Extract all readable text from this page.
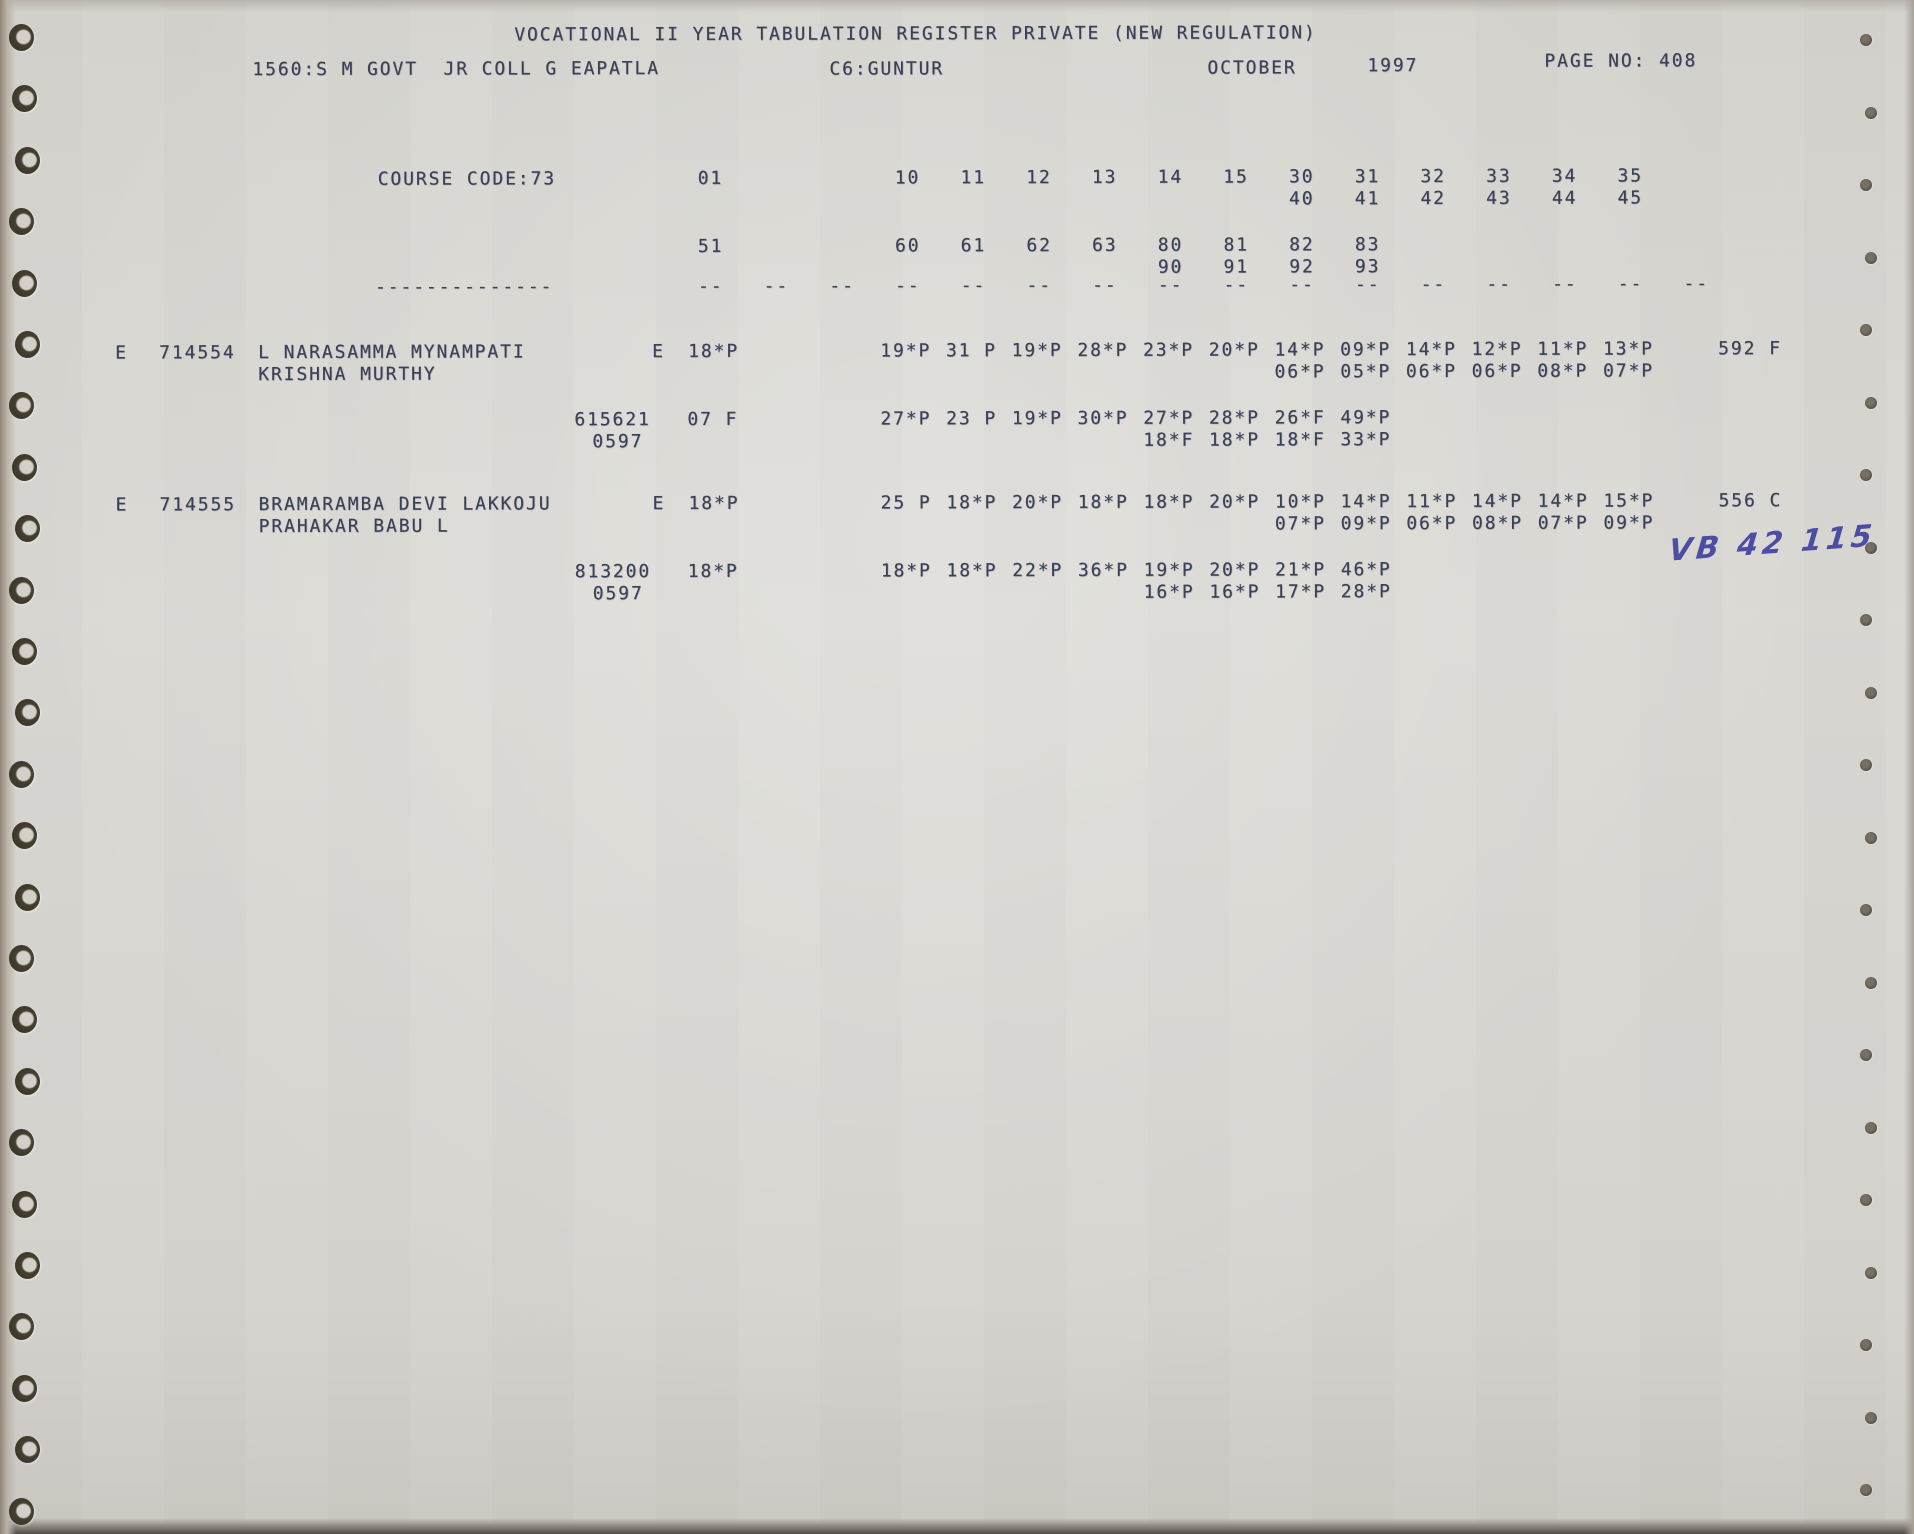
VOCATIONAL II YEAR TABULATION REGISTER PRIVATE (NEW REGULATION)
1560:S M GOVT  JR COLL G EAPATLA	C6:GUNTUR	OCTOBER	1997	PAGE NO: 408
COURSE CODE:73	01	10 11 12 13 14 15 30 31 32 33 34 35
40 41 42 43 44 45
51	60 61 62 63 80 81 82 83
90 91 92 93
--------------	-- -- -- -- -- -- -- -- -- -- -- -- -- -- -- --
E 714554 L NARASAMMA MYNAMPATI	E 18*P	19*P 31 P 19*P 28*P 23*P 20*P 14*P 09*P 14*P 12*P 11*P 13*P	592 F
KRISHNA MURTHY	06*P 05*P 06*P 06*P 08*P 07*P
615621 07 F	27*P 23 P 19*P 30*P 27*P 28*P 26*F 49*P
0597	18*F 18*P 18*F 33*P
E 714555 BRAMARAMBA DEVI LAKKOJU	E 18*P	25 P 18*P 20*P 18*P 18*P 20*P 10*P 14*P 11*P 14*P 14*P 15*P	556 C
PRAHAKAR BABU L	07*P 09*P 06*P 08*P 07*P 09*P
813200 18*P	18*P 18*P 22*P 36*P 19*P 20*P 21*P 46*P
0597	16*P 16*P 17*P 28*P
VB 42 115
